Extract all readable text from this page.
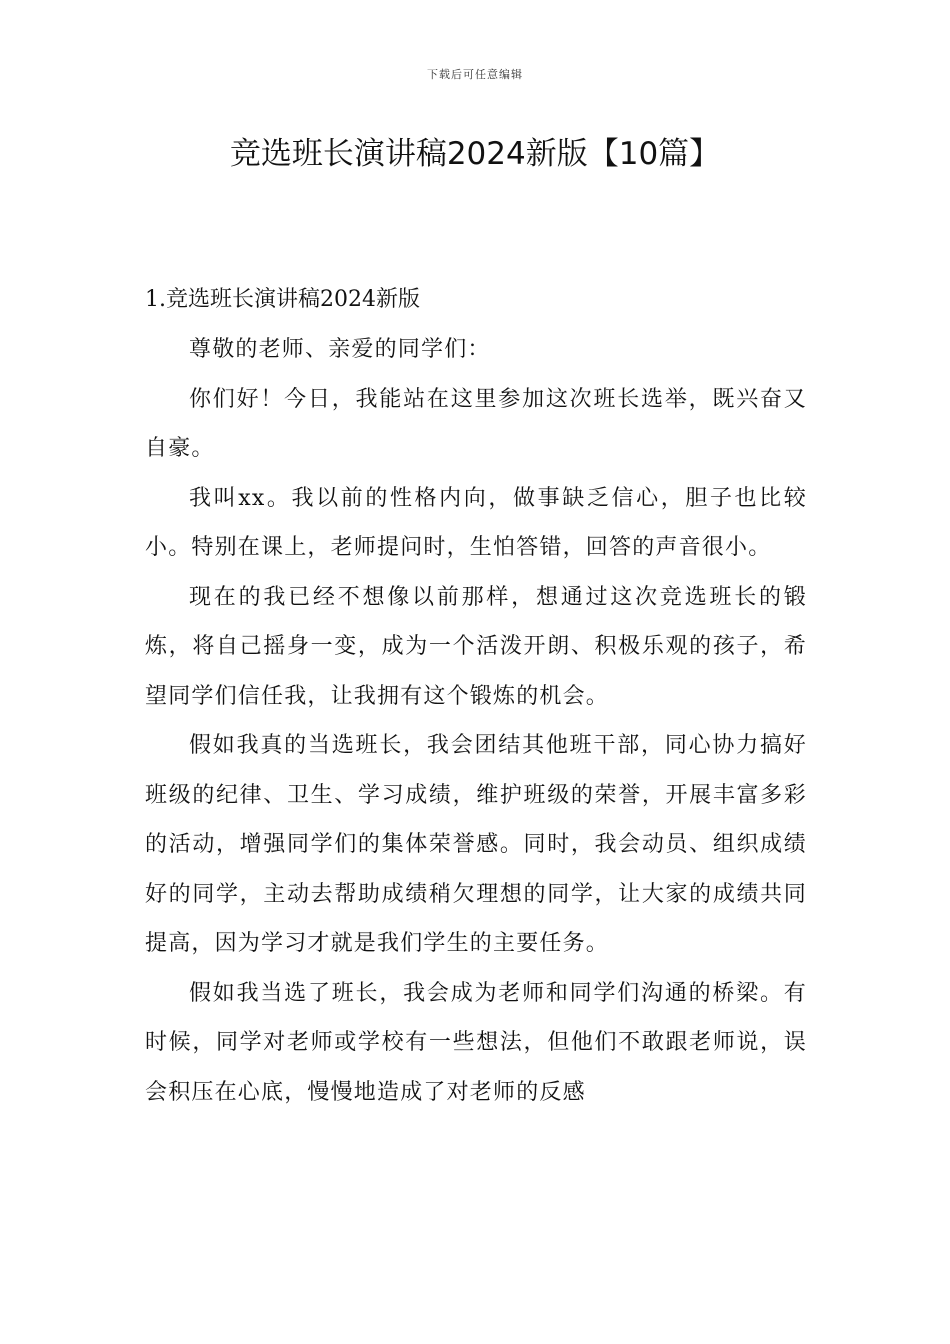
下载后可任意编辑
竞选班长演讲稿2024新版【10篇】

1.竞选班长演讲稿2024新版

尊敬的老师、亲爱的同学们：

你们好！今日，我能站在这里参加这次班长选举，既兴奋又自豪。

我叫xx。我以前的性格内向，做事缺乏信心，胆子也比较小。特别在课上，老师提问时，生怕答错，回答的声音很小。

现在的我已经不想像以前那样，想通过这次竞选班长的锻炼，将自己摇身一变，成为一个活泼开朗、积极乐观的孩子，希望同学们信任我，让我拥有这个锻炼的机会。

假如我真的当选班长，我会团结其他班干部，同心协力搞好班级的纪律、卫生、学习成绩，维护班级的荣誉，开展丰富多彩的活动，增强同学们的集体荣誉感。同时，我会动员、组织成绩好的同学，主动去帮助成绩稍欠理想的同学，让大家的成绩共同提高，因为学习才就是我们学生的主要任务。

假如我当选了班长，我会成为老师和同学们沟通的桥梁。有时候，同学对老师或学校有一些想法，但他们不敢跟老师说，误会积压在心底，慢慢地造成了对老师的反感
